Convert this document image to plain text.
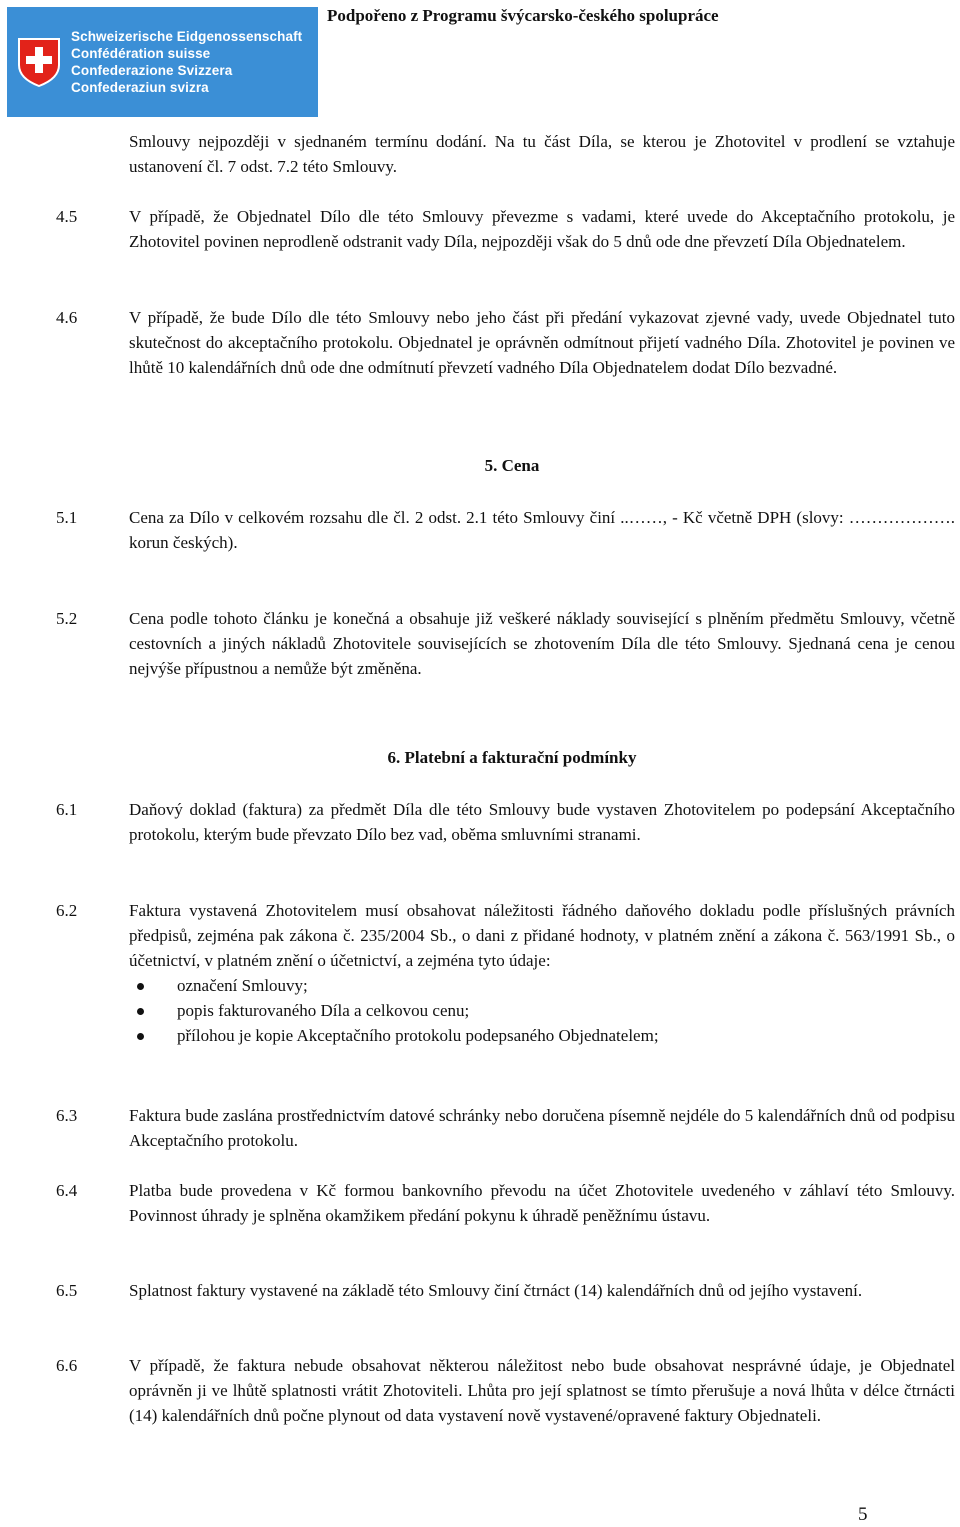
Schweizerische Eidgenossenschaft
Confédération suisse
Confederazione Svizzera
Confederaziun svizra
Podpořeno z Programu švýcarsko-českého spolupráce
Smlouvy nejpozději v sjednaném termínu dodání. Na tu část Díla, se kterou je Zhotovitel v prodlení se vztahuje ustanovení čl. 7 odst. 7.2 této Smlouvy.
4.5	V případě, že Objednatel Dílo dle této Smlouvy převezme s vadami, které uvede do Akceptačního protokolu, je Zhotovitel povinen neprodleně odstranit vady Díla, nejpozději však do 5 dnů ode dne převzetí Díla Objednatelem.
4.6	V případě, že bude Dílo dle této Smlouvy nebo jeho část při předání vykazovat zjevné vady, uvede Objednatel tuto skutečnost do akceptačního protokolu. Objednatel je oprávněn odmítnout přijetí vadného Díla. Zhotovitel je povinen ve lhůtě 10 kalendářních dnů ode dne odmítnutí převzetí vadného Díla Objednatelem dodat Dílo bezvadné.
5. Cena
5.1	Cena za Dílo v celkovém rozsahu dle čl. 2 odst. 2.1 této Smlouvy činí ..……, - Kč včetně DPH (slovy: ………………. korun českých).
5.2	Cena podle tohoto článku je konečná a obsahuje již veškeré náklady související s plněním předmětu Smlouvy, včetně cestovních a jiných nákladů Zhotovitele souvisejících se zhotovením Díla dle této Smlouvy. Sjednaná cena je cenou nejvýše přípustnou a nemůže být změněna.
6. Platební a fakturační podmínky
6.1	Daňový doklad (faktura) za předmět Díla dle této Smlouvy bude vystaven Zhotovitelem po podepsání Akceptačního protokolu, kterým bude převzato Dílo bez vad, oběma smluvními stranami.
6.2	Faktura vystavená Zhotovitelem musí obsahovat náležitosti řádného daňového dokladu podle příslušných právních předpisů, zejména pak zákona č. 235/2004 Sb., o dani z přidané hodnoty, v platném znění a zákona č. 563/1991 Sb., o účetnictví, v platném znění o účetnictví, a zejména tyto údaje:
označení Smlouvy;
popis fakturovaného Díla a celkovou cenu;
přílohou je kopie Akceptačního protokolu podepsaného Objednatelem;
6.3	Faktura bude zaslána prostřednictvím datové schránky nebo doručena písemně nejdéle do 5 kalendářních dnů od podpisu Akceptačního protokolu.
6.4	Platba bude provedena v Kč formou bankovního převodu na účet Zhotovitele uvedeného v záhlaví této Smlouvy. Povinnost úhrady je splněna okamžikem předání pokynu k úhradě peněžnímu ústavu.
6.5	Splatnost faktury vystavené na základě této Smlouvy činí čtrnáct (14) kalendářních dnů od jejího vystavení.
6.6	V případě, že faktura nebude obsahovat některou náležitost nebo bude obsahovat nesprávné údaje, je Objednatel oprávněn ji ve lhůtě splatnosti vrátit Zhotoviteli. Lhůta pro její splatnost se tímto přerušuje a nová lhůta v délce čtrnácti (14) kalendářních dnů počne plynout od data vystavení nově vystavené/opravené faktury Objednateli.
5
